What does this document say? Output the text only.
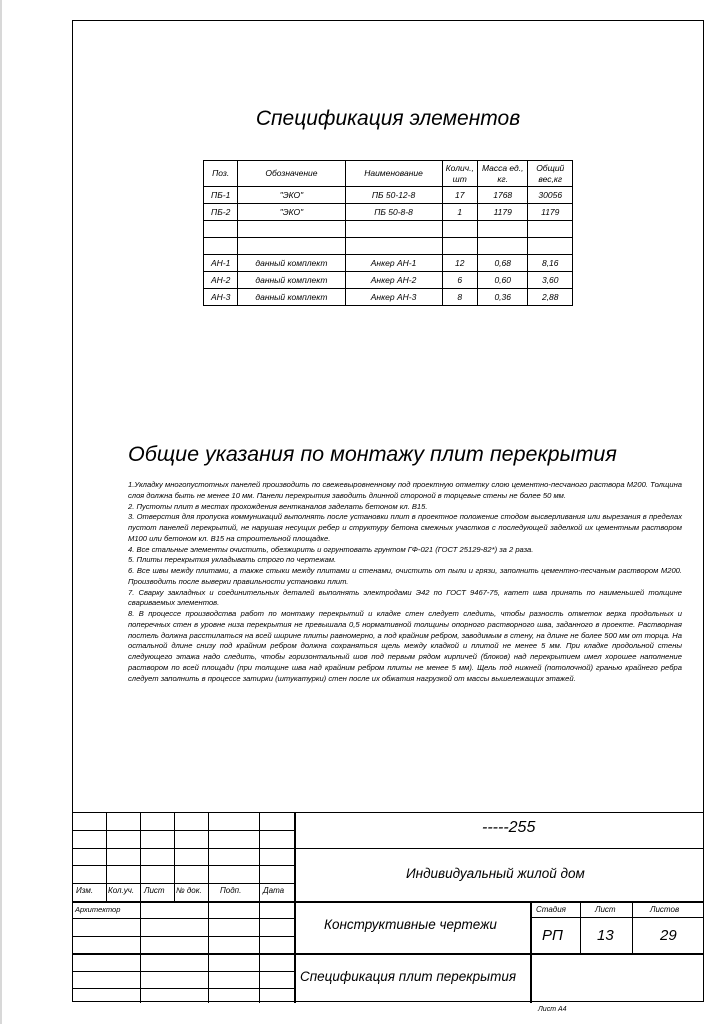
Спецификация элементов
Поз.	Обозначение	Наименование	Колич., шт	Масса ед., кг.	Общий вес,кг
ПБ-1	"ЭКО"	ПБ 50-12-8	17	1768	30056
ПБ-2	"ЭКО"	ПБ 50-8-8	1	1179	1179

АН-1	данный комплект	Анкер АН-1	12	0,68	8,16
АН-2	данный комплект	Анкер АН-2	6	0,60	3,60
АН-3	данный комплект	Анкер АН-3	8	0,36	2,88
Общие указания по монтажу плит перекрытия

1.Укладку многопустотных панелей производить по свежевыровненному под проектную отметку слою цементно-песчаного раствора М200. Толщина слоя должна быть не менее 10 мм. Панели перекрытия заводить длинной стороной в торцевые стены не более 50 мм.

2. Пустоты плит в местах прохождения вентканалов заделать бетоном кл. В15.

3. Отверстия для пропуска коммуникаций выполнять после установки плит в проектное положение стодом высверливания или вырезания в пределах пустот панелей перекрытий, не нарушая несущих ребер и структуру бетона смежных участков с последующей заделкой их цементным раствором М100 или бетоном кл. В15 на строительной площадке.

4. Все стальные элементы очистить, обезжирить и огрунтовать грунтом ГФ-021 (ГОСТ 25129-82*) за 2 раза.

5. Плиты перекрытия укладывать строго по чертежам.

6. Все швы между плитами, а также стыки между плитами и стенами, очистить от пыли и грязи, заполнить цементно-песчаным раствором М200. Производить после выверки правильности установки плит.

7. Сварку закладных и соединительных деталей выполнять электродами Э42 по ГОСТ 9467-75, катет шва принять по наименьшей толщине свариваемых элементов.

8. В процессе производства работ по монтажу перекрытий и кладке стен следует следить, чтобы разность отметок верха продольных и поперечных стен в уровне низа перекрытия не превышала 0,5 нормативной толщины опорного растворного шва, заданного в проекте. Растворная постель должна расстилаться на всей ширине плиты равномерно, а под крайним ребром, заводимым в стену, на длине не более 500 мм от торца. На остальной длине снизу под крайним ребром должна сохраняться щель между кладкой и плитой не менее 5 мм. При кладке продольной стены следующего этажа надо следить, чтобы горизонтальный шов под первым рядом кирпичей (блоков) над перекрытием имел хорошее наполнение раствором по всей площади (при толщине шва над крайним ребром плиты не менее 5 мм). Щель под нижней (потолочной) гранью крайнего ребра следует заполнить в процессе затирки (штукатурки) стен после их обжатия нагрузкой от массы вышележащих этажей.

Изм. Кол.уч. Лист № док. Подп.	Дата
Архитектор
-----255
Индивидуальный жилой дом
Конструктивные чертежи
Спецификация плит перекрытия
Стадия	Лист	Листов
РП 13	29
Лист А4
